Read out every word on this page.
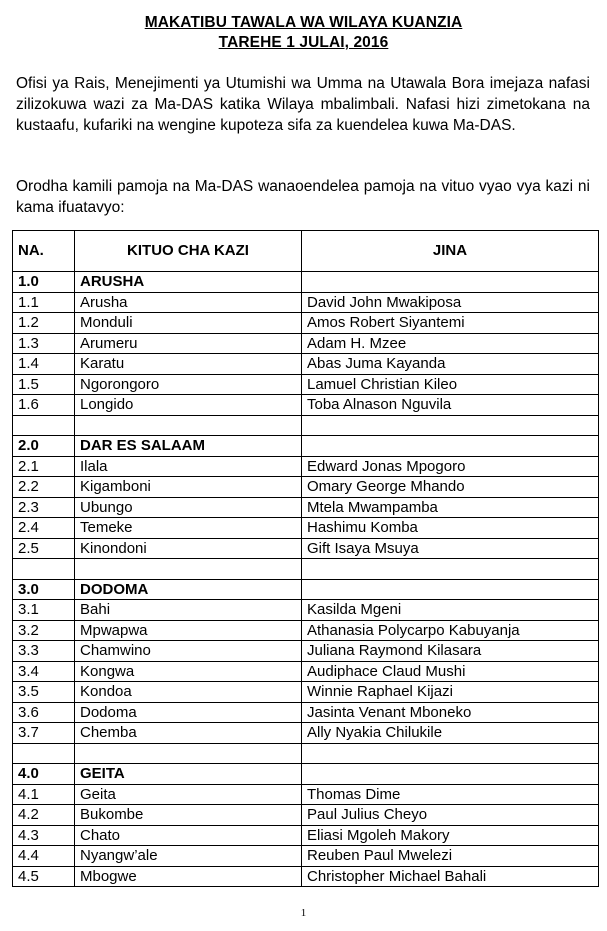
MAKATIBU TAWALA WA WILAYA KUANZIA
TAREHE 1 JULAI, 2016
Ofisi ya Rais, Menejimenti ya Utumishi wa Umma na Utawala Bora imejaza nafasi zilizokuwa wazi za Ma-DAS katika Wilaya mbalimbali. Nafasi hizi zimetokana na kustaafu, kufariki na wengine kupoteza sifa za kuendelea kuwa Ma-DAS.
Orodha kamili pamoja na Ma-DAS wanaoendelea pamoja na vituo vyao vya kazi ni kama ifuatavyo:
NA.	KITUO CHA KAZI	JINA
1.0	ARUSHA	
1.1	Arusha	David John Mwakiposa
1.2	Monduli	Amos Robert Siyantemi
1.3	Arumeru	Adam H. Mzee
1.4	Karatu	Abas Juma Kayanda
1.5	Ngorongoro	Lamuel Christian Kileo
1.6	Longido	Toba Alnason Nguvila

2.0	DAR ES SALAAM	
2.1	Ilala	Edward Jonas Mpogoro
2.2	Kigamboni	Omary George Mhando
2.3	Ubungo	Mtela Mwampamba
2.4	Temeke	Hashimu Komba
2.5	Kinondoni	Gift Isaya Msuya

3.0	DODOMA	
3.1	Bahi	Kasilda Mgeni
3.2	Mpwapwa	Athanasia Polycarpo Kabuyanja
3.3	Chamwino	Juliana Raymond Kilasara
3.4	Kongwa	Audiphace Claud Mushi
3.5	Kondoa	Winnie Raphael Kijazi
3.6	Dodoma	Jasinta Venant Mboneko
3.7	Chemba	Ally Nyakia Chilukile

4.0	GEITA	
4.1	Geita	Thomas Dime
4.2	Bukombe	Paul Julius Cheyo
4.3	Chato	Eliasi Mgoleh Makory
4.4	Nyangw’ale	Reuben Paul Mwelezi
4.5	Mbogwe	Christopher Michael Bahali
1
